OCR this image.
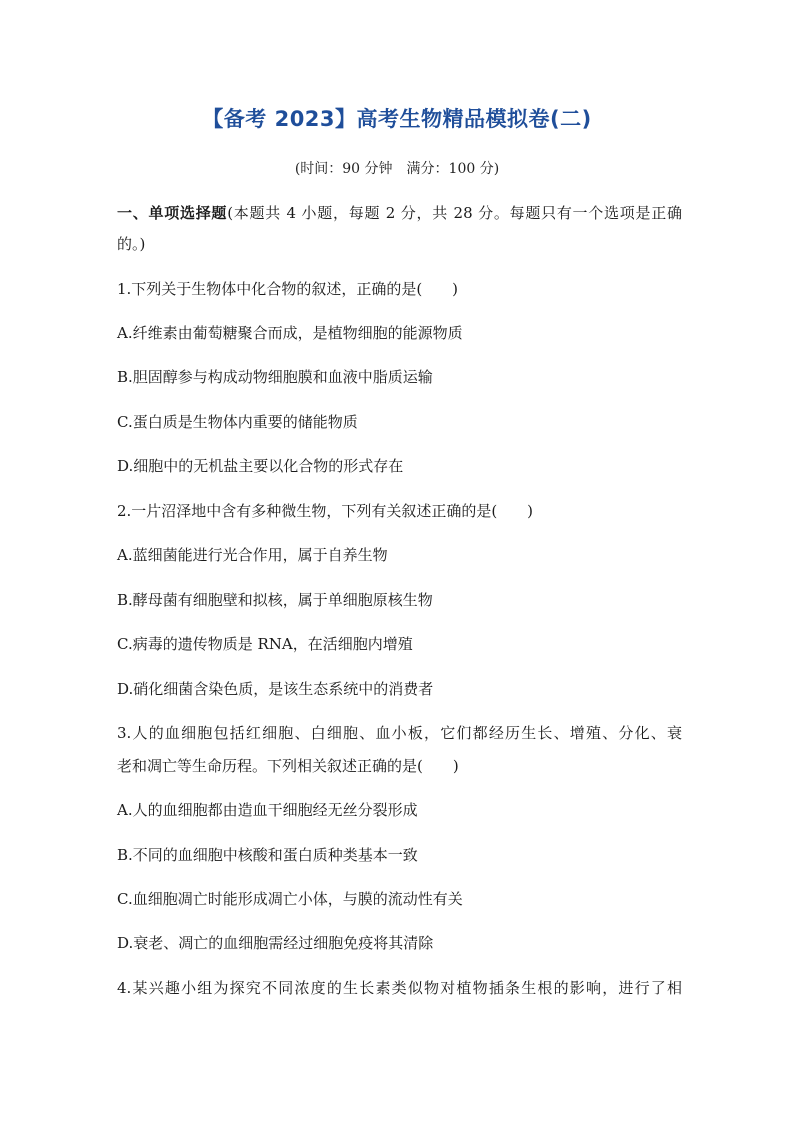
【备考 2023】高考生物精品模拟卷(二)
(时间：90 分钟　满分：100 分)
一、单项选择题(本题共 4 小题，每题 2 分，共 28 分。每题只有一个选项是正确
的。)
1.下列关于生物体中化合物的叙述，正确的是(　　)
A.纤维素由葡萄糖聚合而成，是植物细胞的能源物质
B.胆固醇参与构成动物细胞膜和血液中脂质运输
C.蛋白质是生物体内重要的储能物质
D.细胞中的无机盐主要以化合物的形式存在
2.一片沼泽地中含有多种微生物，下列有关叙述正确的是(　　)
A.蓝细菌能进行光合作用，属于自养生物
B.酵母菌有细胞壁和拟核，属于单细胞原核生物
C.病毒的遗传物质是 RNA，在活细胞内增殖
D.硝化细菌含染色质，是该生态系统中的消费者
3.人的血细胞包括红细胞、白细胞、血小板，它们都经历生长、增殖、分化、衰
老和凋亡等生命历程。下列相关叙述正确的是(　　)
A.人的血细胞都由造血干细胞经无丝分裂形成
B.不同的血细胞中核酸和蛋白质种类基本一致
C.血细胞凋亡时能形成凋亡小体，与膜的流动性有关
D.衰老、凋亡的血细胞需经过细胞免疫将其清除
4.某兴趣小组为探究不同浓度的生长素类似物对植物插条生根的影响，进行了相
